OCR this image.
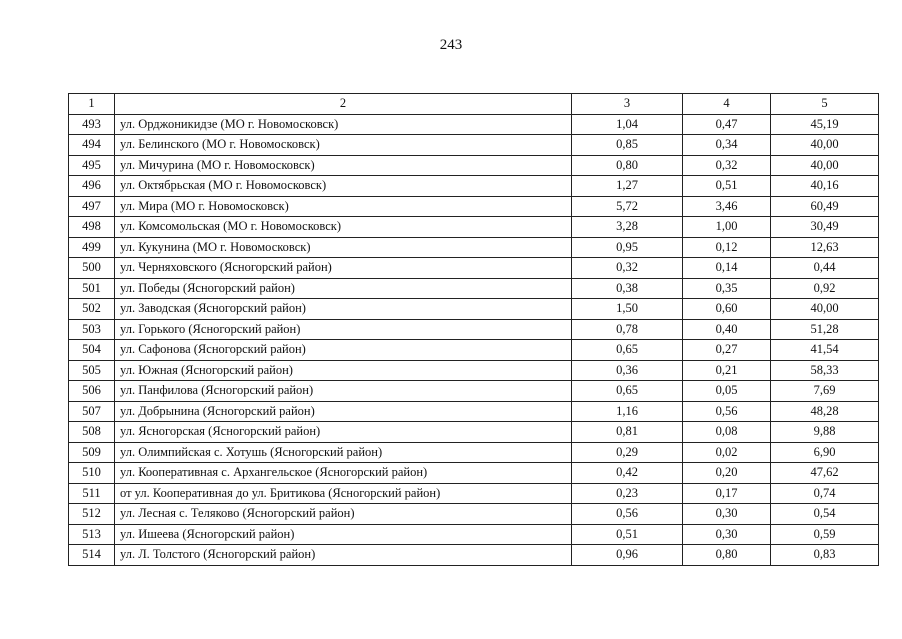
243
1	2	3	4	5
493	ул. Орджоникидзе (МО г. Новомосковск)	1,04	0,47	45,19
494	ул. Белинского (МО г. Новомосковск)	0,85	0,34	40,00
495	ул. Мичурина (МО г. Новомосковск)	0,80	0,32	40,00
496	ул. Октябрьская (МО г. Новомосковск)	1,27	0,51	40,16
497	ул. Мира (МО г. Новомосковск)	5,72	3,46	60,49
498	ул. Комсомольская (МО г. Новомосковск)	3,28	1,00	30,49
499	ул. Кукунина (МО г. Новомосковск)	0,95	0,12	12,63
500	ул. Черняховского (Ясногорский район)	0,32	0,14	0,44
501	ул. Победы (Ясногорский район)	0,38	0,35	0,92
502	ул. Заводская (Ясногорский район)	1,50	0,60	40,00
503	ул. Горького (Ясногорский район)	0,78	0,40	51,28
504	ул. Сафонова (Ясногорский район)	0,65	0,27	41,54
505	ул. Южная (Ясногорский район)	0,36	0,21	58,33
506	ул. Панфилова (Ясногорский район)	0,65	0,05	7,69
507	ул. Добрынина (Ясногорский район)	1,16	0,56	48,28
508	ул. Ясногорская (Ясногорский район)	0,81	0,08	9,88
509	ул. Олимпийская с. Хотушь (Ясногорский район)	0,29	0,02	6,90
510	ул. Кооперативная с. Архангельское (Ясногорский район)	0,42	0,20	47,62
511	от ул. Кооперативная до ул. Бритикова (Ясногорский район)	0,23	0,17	0,74
512	ул. Лесная с. Теляково (Ясногорский район)	0,56	0,30	0,54
513	ул. Ишеева (Ясногорский район)	0,51	0,30	0,59
514	ул. Л. Толстого (Ясногорский район)	0,96	0,80	0,83
